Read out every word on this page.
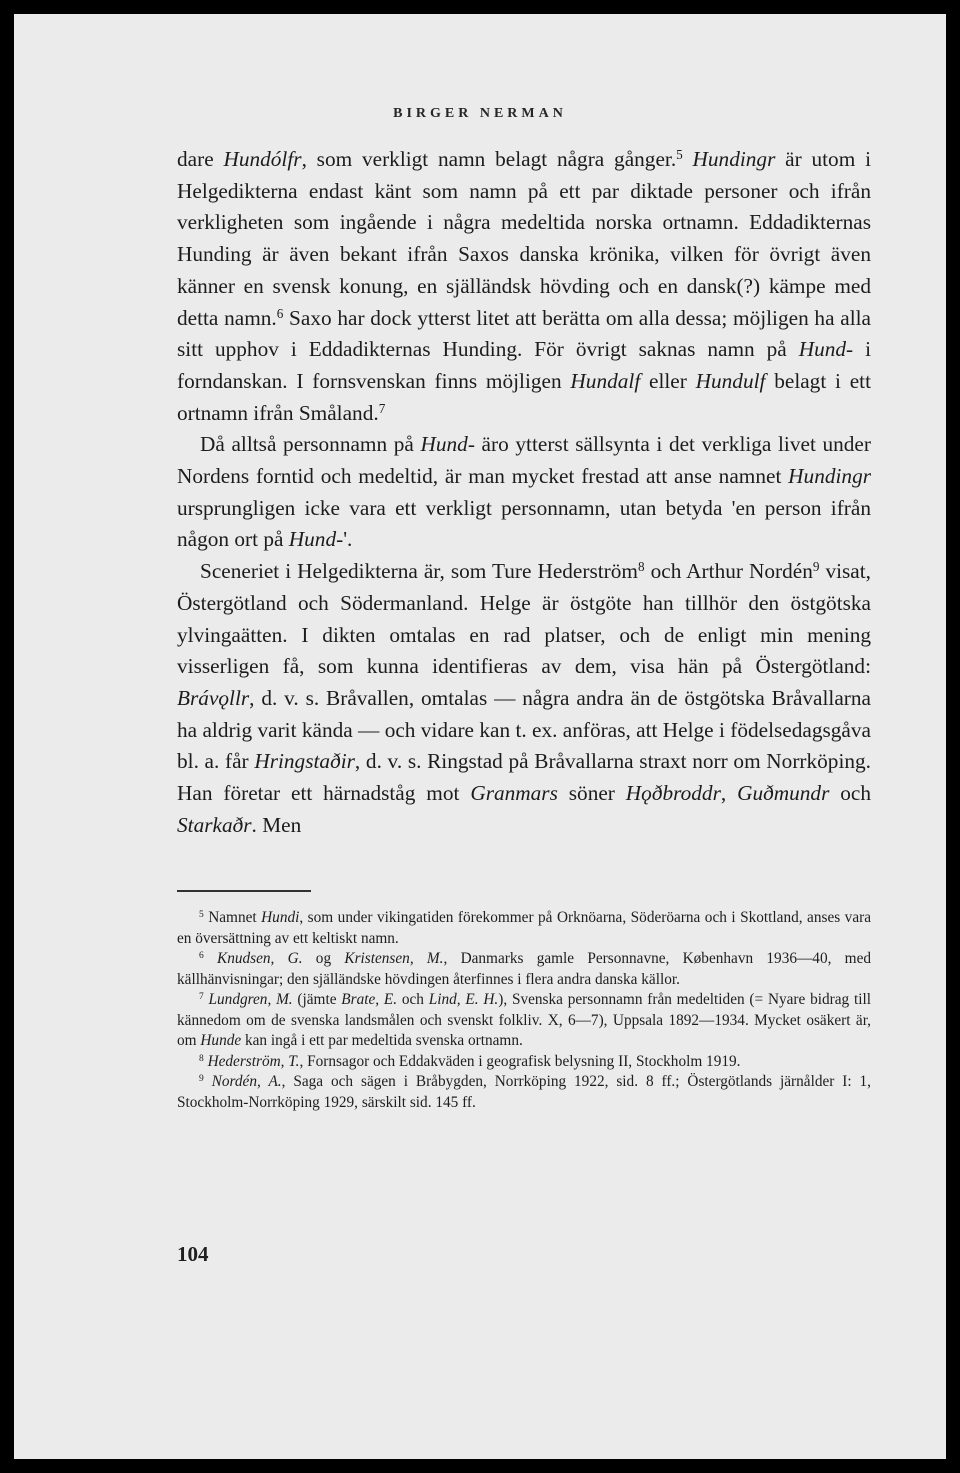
BIRGER NERMAN

dare Hundólfr, som verkligt namn belagt några gånger.$^5$ Hundingr är utom i Helgedikterna endast känt som namn på ett par diktade personer och ifrån verkligheten som ingående i några medeltida norska ortnamn. Eddadikternas Hunding är även bekant ifrån Saxos danska krönika, vilken för övrigt även känner en svensk konung, en själländsk hövding och en dansk(?) kämpe med detta namn.$^6$ Saxo har dock ytterst litet att berätta om alla dessa; möjligen ha alla sitt upphov i Eddadikternas Hunding. För övrigt saknas namn på Hund- i forndanskan. I fornsvenskan finns möjligen Hundalf eller Hundulf belagt i ett ortnamn ifrån Småland.$^7$

Då alltså personnamn på Hund- äro ytterst sällsynta i det verkliga livet under Nordens forntid och medeltid, är man mycket frestad att anse namnet Hundingr ursprungligen icke vara ett verkligt personnamn, utan betyda 'en person ifrån någon ort på Hund-'.

Sceneriet i Helgedikterna är, som Ture Hederström$^8$ och Arthur Nordén$^9$ visat, Östergötland och Södermanland. Helge är östgöte han tillhör den östgötska ylvingaätten. I dikten omtalas en rad platser, och de enligt min mening visserligen få, som kunna identifieras av dem, visa hän på Östergötland: Brávǫllr, d. v. s. Bråvallen, omtalas — några andra än de östgötska Bråvallarna ha aldrig varit kända — och vidare kan t. ex. anföras, att Helge i födelsedagsgåva bl. a. får Hringstaðir, d. v. s. Ringstad på Bråvallarna straxt norr om Norrköping. Han företar ett härnadståg mot Granmars söner Hǫðbroddr, Guðmundr och Starkaðr. Men

$^5$ Namnet Hundi, som under vikingatiden förekommer på Orknöarna, Söderöarna och i Skottland, anses vara en översättning av ett keltiskt namn.

$^6$ Knudsen, G. og Kristensen, M., Danmarks gamle Personnavne, København 1936—40, med källhänvisningar; den själländske hövdingen återfinnes i flera andra danska källor.

$^7$ Lundgren, M. (jämte Brate, E. och Lind, E. H.), Svenska personnamn från medeltiden (= Nyare bidrag till kännedom om de svenska landsmålen och svenskt folkliv. X, 6—7), Uppsala 1892—1934. Mycket osäkert är, om Hunde kan ingå i ett par medeltida svenska ortnamn.

$^8$ Hederström, T., Fornsagor och Eddakväden i geografisk belysning II, Stockholm 1919.

$^9$ Nordén, A., Saga och sägen i Bråbygden, Norrköping 1922, sid. 8 ff.; Östergötlands järnålder I: 1, Stockholm-Norrköping 1929, särskilt sid. 145 ff.

104
